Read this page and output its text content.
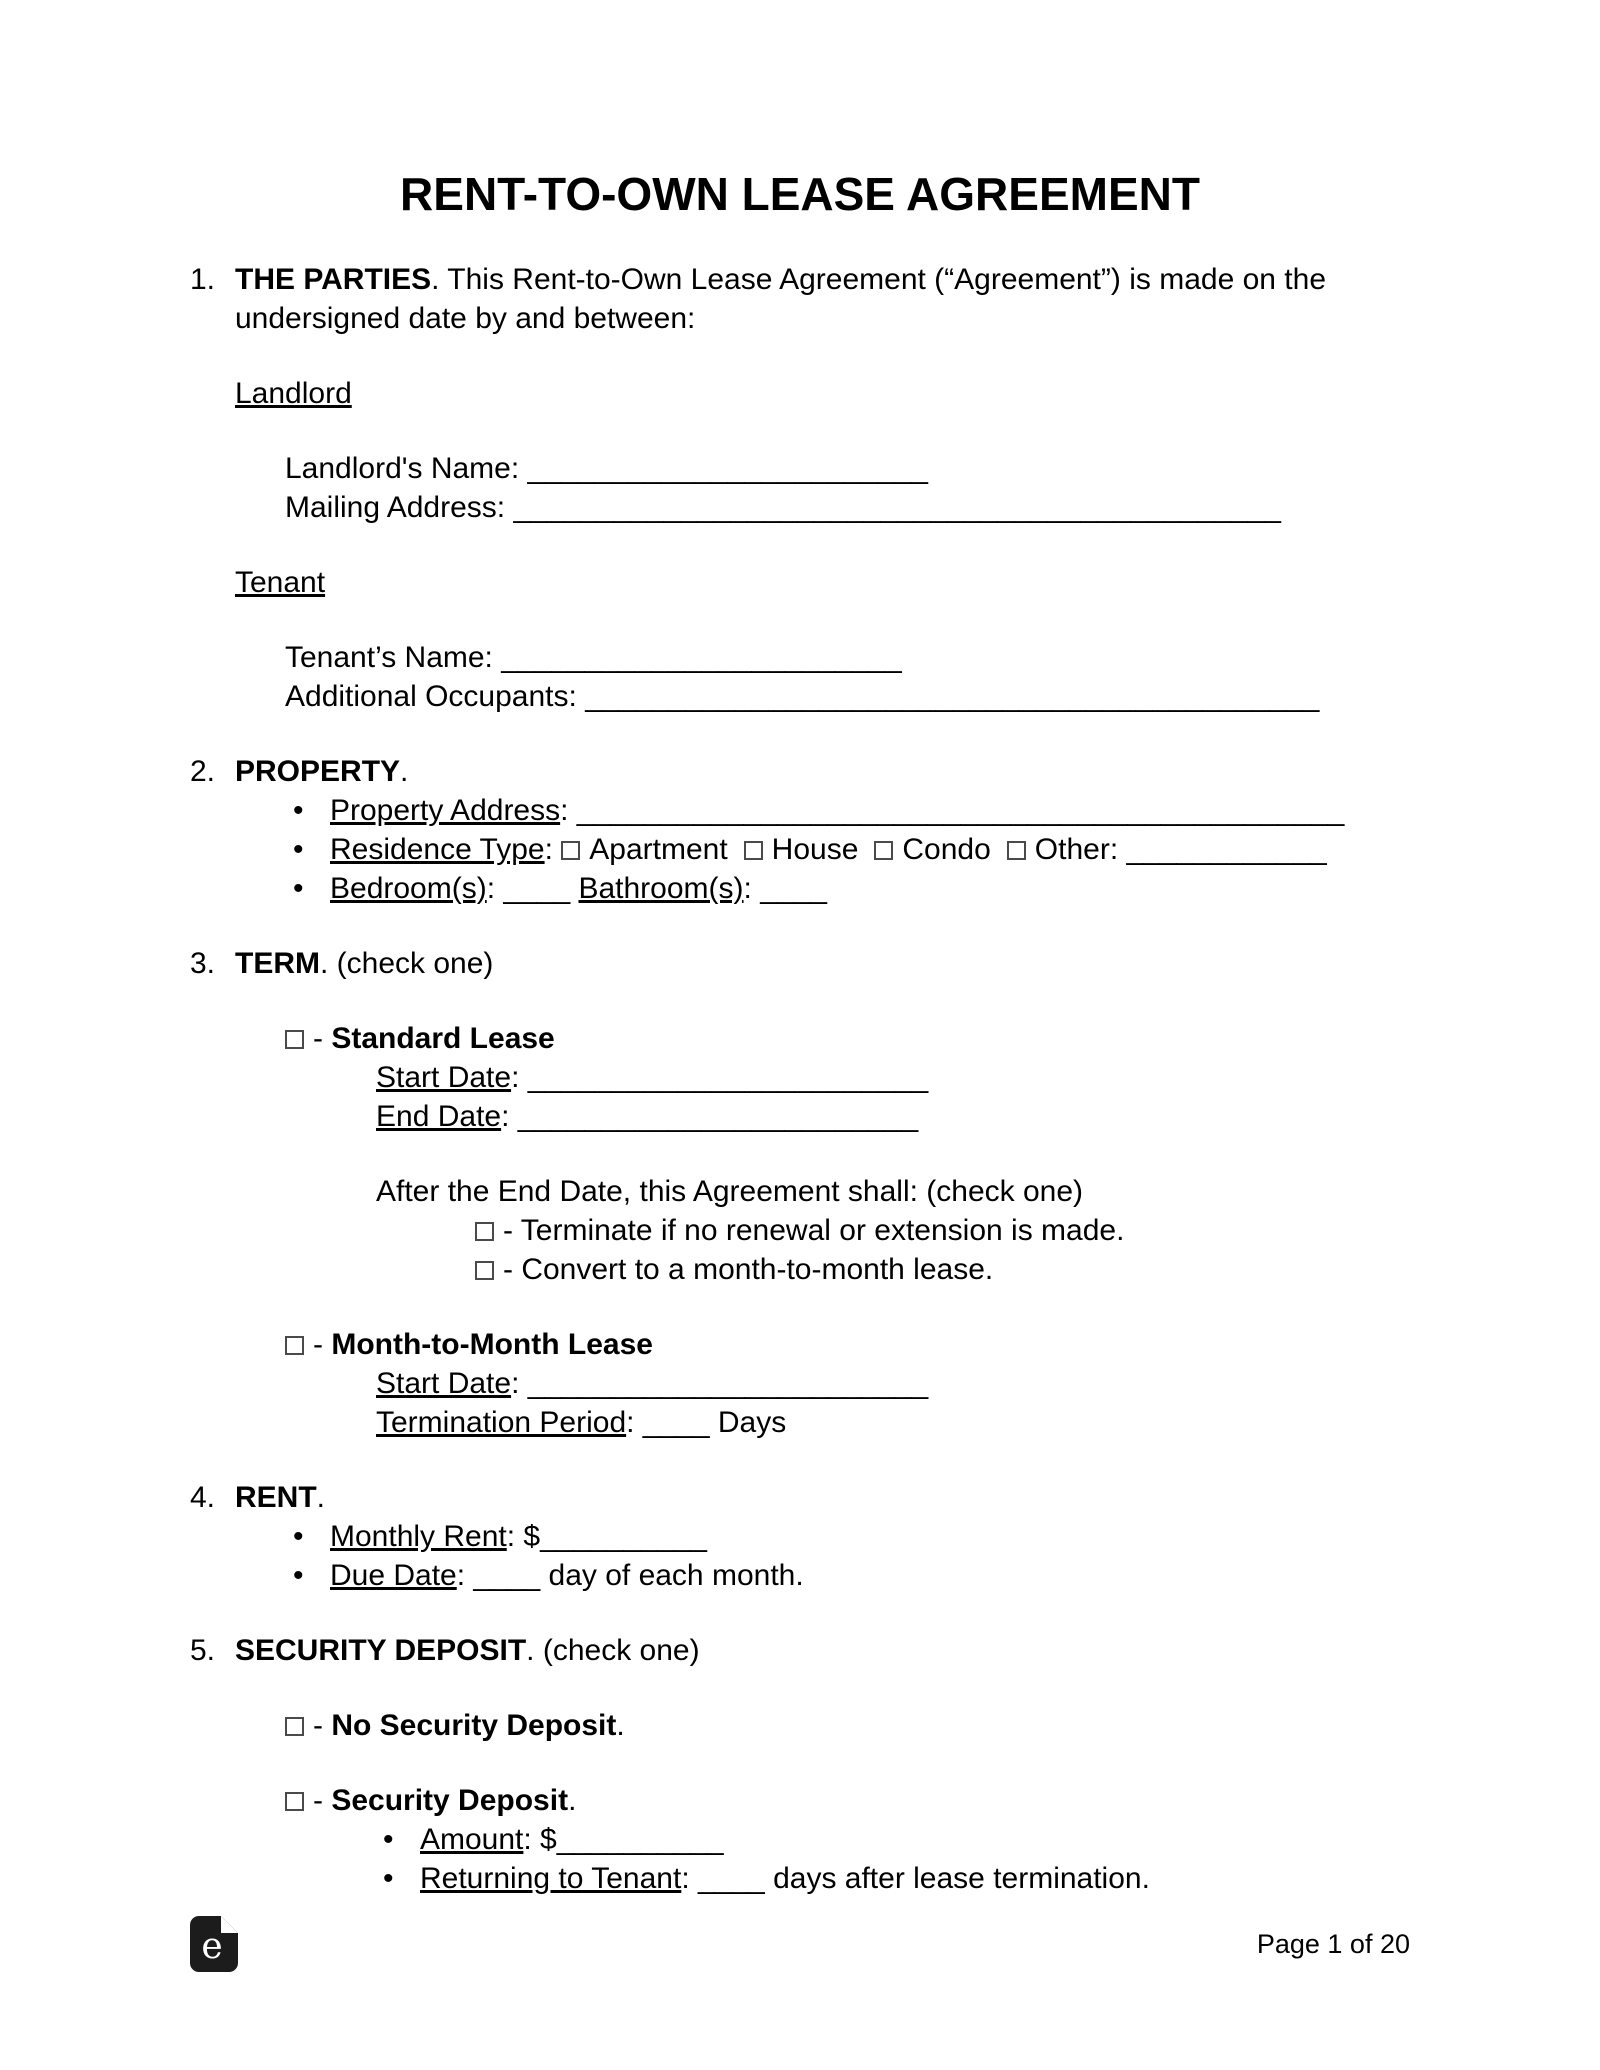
RENT-TO-OWN LEASE AGREEMENT
1. THE PARTIES. This Rent-to-Own Lease Agreement (“Agreement”) is made on the undersigned date by and between:
Landlord
Landlord's Name: ________________________
Mailing Address: ______________________________________________
Tenant
Tenant’s Name: ________________________
Additional Occupants: ____________________________________________
2. PROPERTY.
•Property Address: ______________________________________________
•Residence Type: Apartment House Condo Other: ____________
•Bedroom(s): ____ Bathroom(s): ____
3. TERM. (check one)
- Standard Lease
Start Date: ________________________
End Date: ________________________
After the End Date, this Agreement shall: (check one)
- Terminate if no renewal or extension is made.
- Convert to a month-to-month lease.
- Month-to-Month Lease
Start Date: ________________________
Termination Period: ____ Days
4. RENT.
•Monthly Rent: $__________
•Due Date: ____ day of each month.
5. SECURITY DEPOSIT. (check one)
- No Security Deposit.
- Security Deposit.
•Amount: $__________
•Returning to Tenant: ____ days after lease termination.
e	Page 1 of 20
